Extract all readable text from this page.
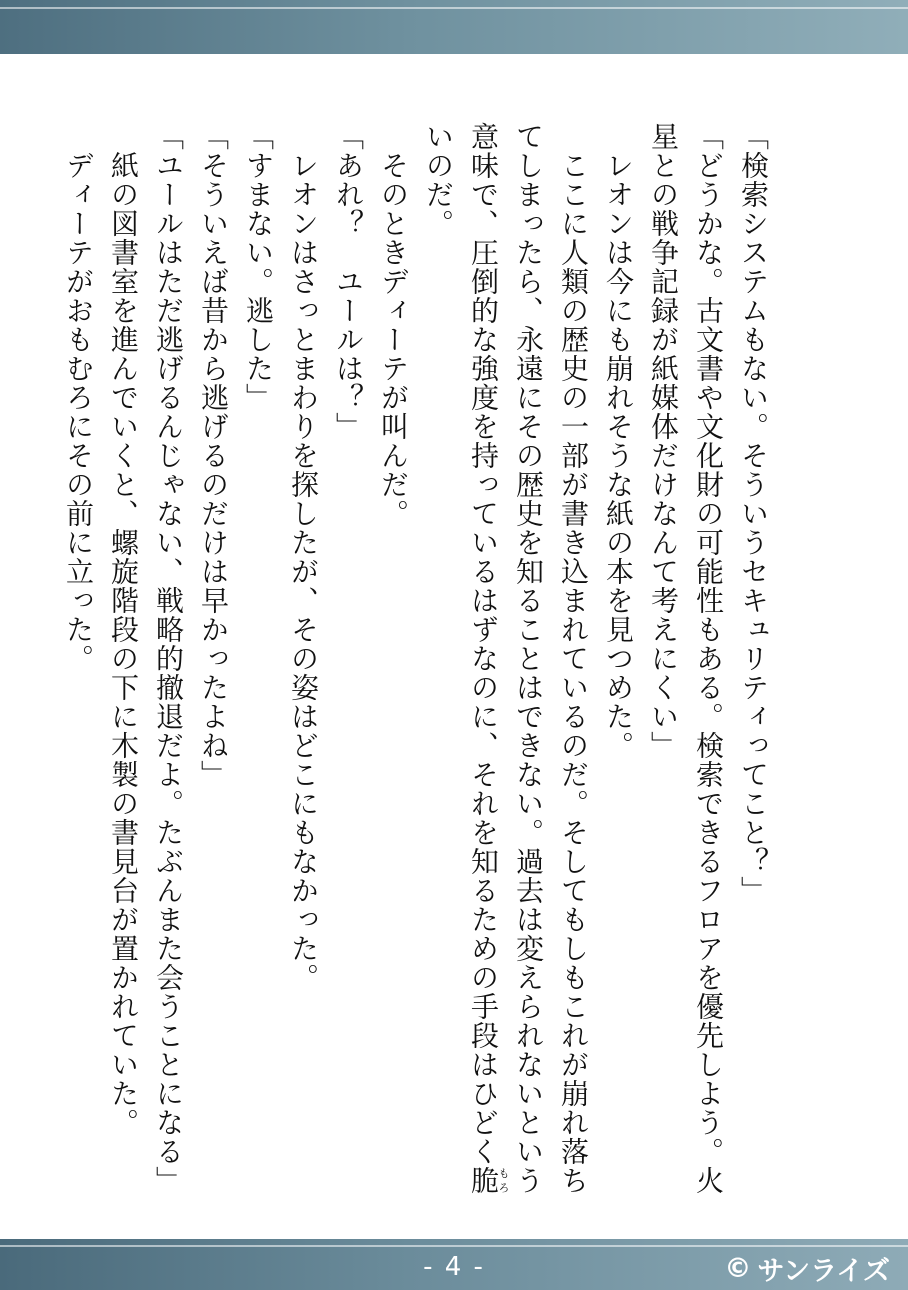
「検索システムもない。そういうセキュリティってこと？」

「どうかな。古文書や文化財の可能性もある。検索できるフロアを優先しよう。火星との戦争記録が紙媒体だけなんて考えにくい」

　レオンは今にも崩れそうな紙の本を見つめた。

　ここに人類の歴史の一部が書き込まれているのだ。そしてもしもこれが崩れ落ちてしまったら、永遠にその歴史を知ることはできない。過去は変えられないという意味で、圧倒的な強度を持っているはずなのに、それを知るための手段はひどく脆もろいのだ。

　そのときディーテが叫んだ。

「あれ？　ユールは？」

　レオンはさっとまわりを探したが、その姿はどこにもなかった。

「すまない。逃した」

「そういえば昔から逃げるのだけは早かったよね」

「ユールはただ逃げるんじゃない、戦略的撤退だよ。たぶんまた会うことになる」

　紙の図書室を進んでいくと、螺旋階段の下に木製の書見台が置かれていた。

　ディーテがおもむろにその前に立った。

- 4 -	© サンライズ
